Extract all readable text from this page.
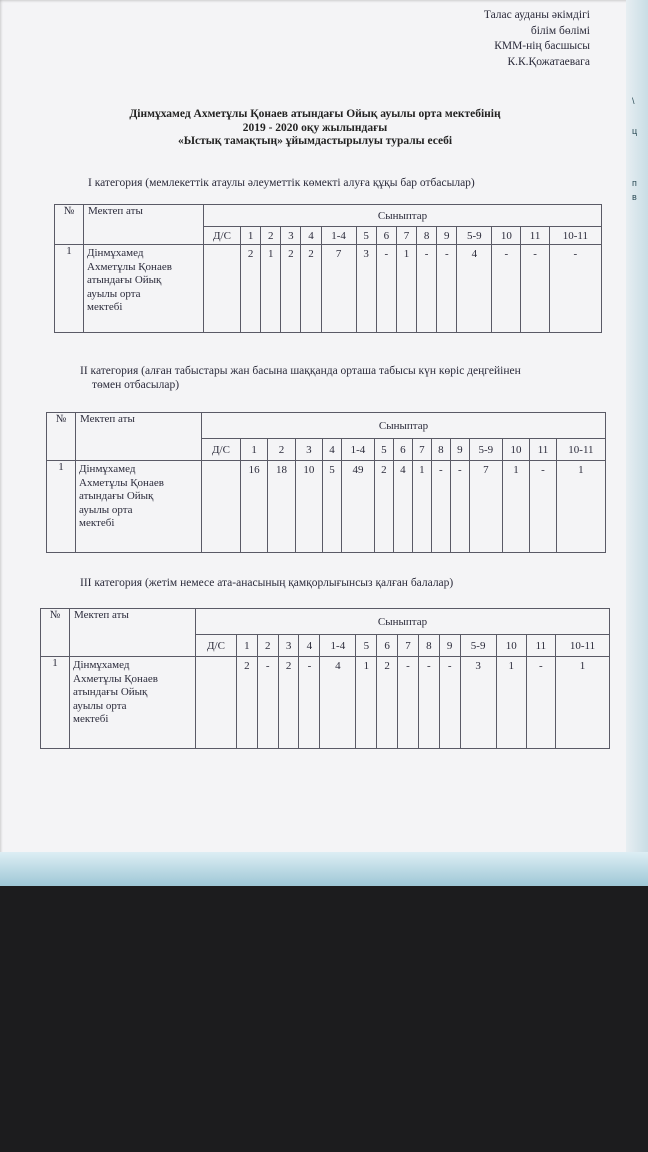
\
ц
п
в
Талас ауданы әкімдігі
білім бөлімі
КММ-нің басшысы
К.К.Қожатаевага
Дінмұхамед Ахметұлы Қонаев атындағы Ойық ауылы орта мектебінің
2019 - 2020 оқу жылындағы
«Ыстық тамақтың» ұйымдастырылуы туралы есебі
І категория (мемлекеттік атаулы әлеуметтік көмекті алуға құқы бар отбасылар)
ІІ категория (алған табыстары жан басына шаққанда орташа табысы күн көріс деңгейінен
төмен отбасылар)
ІІІ категория (жетім немесе ата-анасының қамқорлығынсыз қалған балалар)
№	Мектеп аты	Сыныптар														
		Д/С	1	2	3	4	1-4	5	6	7	8	9	5-9	10	11	10-11
1	Дінмұхамед
Ахметұлы Қонаев
атындағы Ойық
ауылы орта
мектебі		2	1	2	2	7	3	-	1	-	-	4	-	-	-
№	Мектеп аты	Сыныптар														
		Д/С	1	2	3	4	1-4	5	6	7	8	9	5-9	10	11	10-11
1	Дінмұхамед
Ахметұлы Қонаев
атындағы Ойық
ауылы орта
мектебі		16	18	10	5	49	2	4	1	-	-	7	1	-	1
№	Мектеп аты	Сыныптар														
		Д/С	1	2	3	4	1-4	5	6	7	8	9	5-9	10	11	10-11
1	Дінмұхамед
Ахметұлы Қонаев
атындағы Ойық
ауылы орта
мектебі		2	-	2	-	4	1	2	-	-	-	3	1	-	1
